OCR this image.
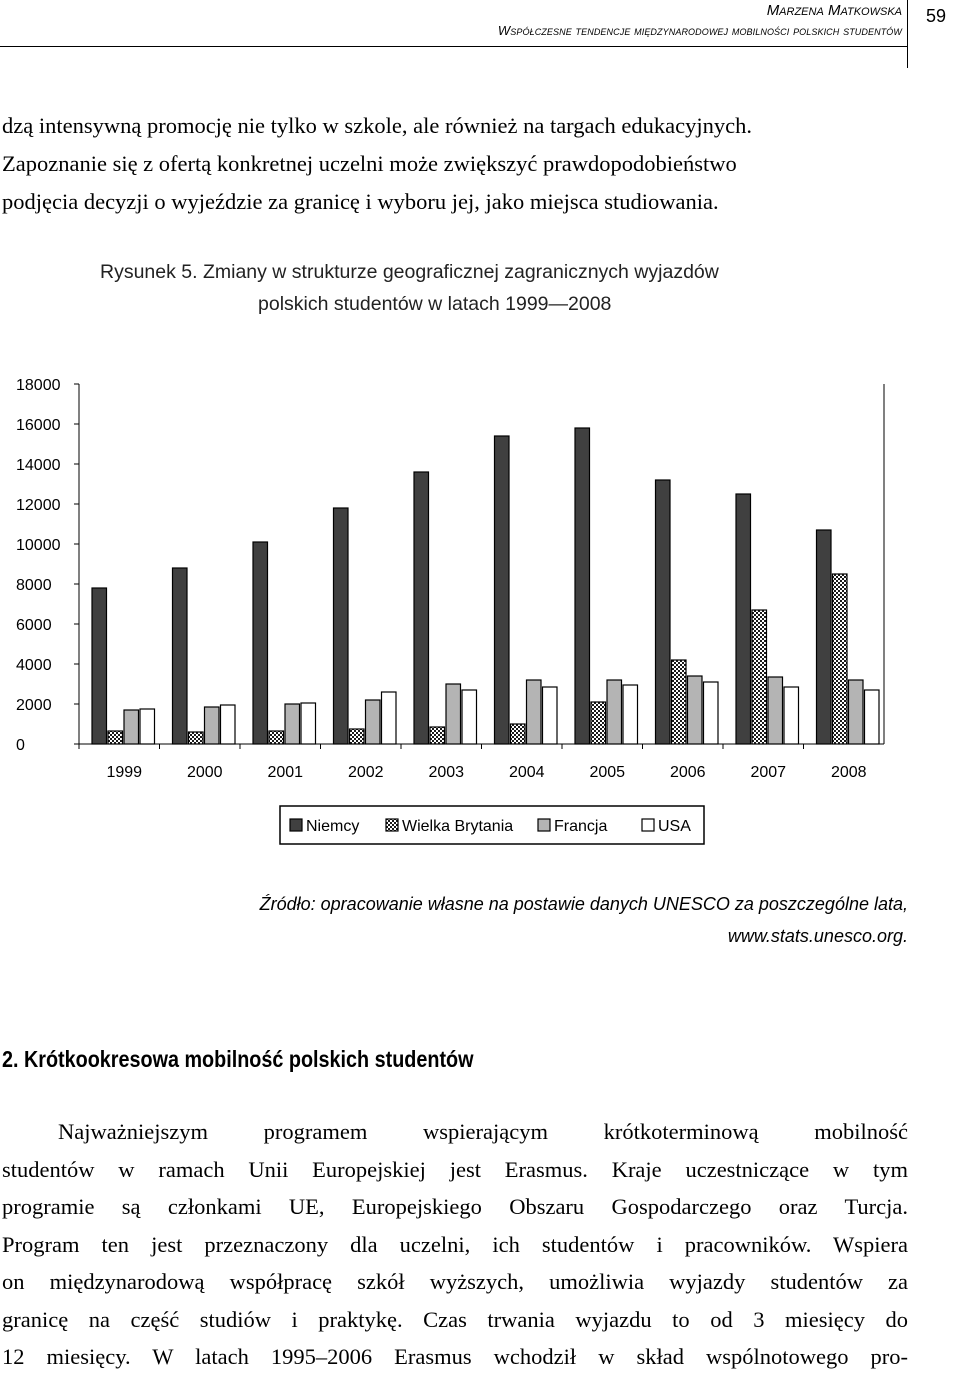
Marzena Matkowska
Współczesne tendencje międzynarodowej mobilności polskich studentów
59

dzą intensywną promocję nie tylko w szkole, ale również na targach edukacyjnych.
Zapoznanie się z ofertą konkretnej uczelni może zwiększyć prawdopodobieństwo
podjęcia decyzji o wyjeździe za granicę i wyboru jej, jako miejsca studiowania.

Rysunek 5. Zmiany w strukturze geograficznej zagranicznych wyjazdów
polskich studentów w latach 1999—2008
0
2000
4000
6000
8000
10000
12000
14000
16000
18000
1999	2000	2001	2002	2003	2004	2005	2006	2007	2008
Niemcy	Wielka Brytania	Francja	USA
Źródło: opracowanie własne na postawie danych UNESCO za poszczególne lata,
www.stats.unesco.org.
2. Krótkookresowa mobilność polskich studentów

Najważniejszym programem wspierającym krótkoterminową mobilność
studentów w ramach Unii Europejskiej jest Erasmus. Kraje uczestniczące w tym
programie są członkami UE, Europejskiego Obszaru Gospodarczego oraz Turcja.
Program ten jest przeznaczony dla uczelni, ich studentów i pracowników. Wspiera
on międzynarodową współpracę szkół wyższych, umożliwia wyjazdy studentów za
granicę na część studiów i praktykę. Czas trwania wyjazdu to od 3 miesięcy do
12 miesięcy. W latach 1995–2006 Erasmus wchodził w skład wspólnotowego pro-
